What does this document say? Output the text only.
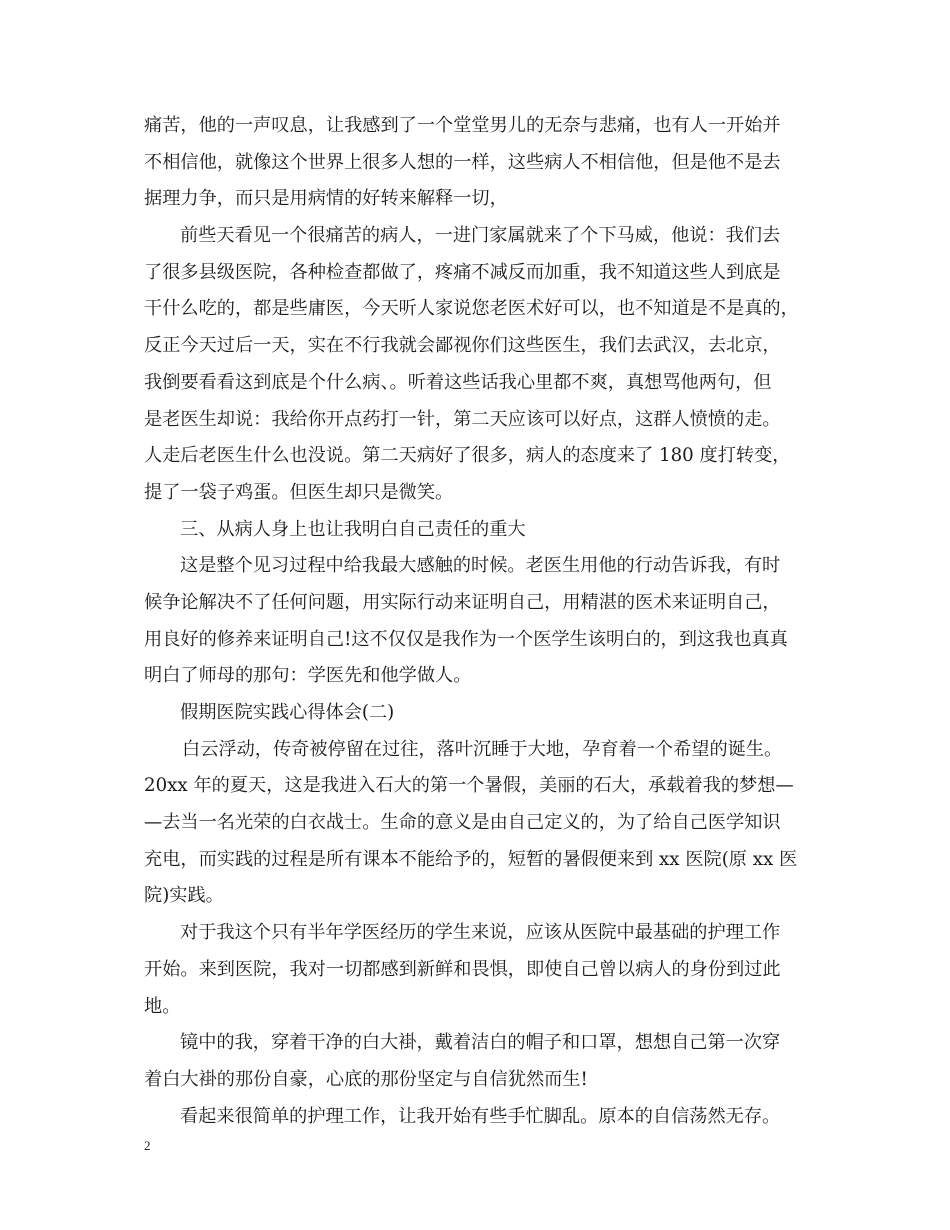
痛苦，他的一声叹息，让我感到了一个堂堂男儿的无奈与悲痛，也有人一开始并
不相信他，就像这个世界上很多人想的一样，这些病人不相信他，但是他不是去
据理力争，而只是用病情的好转来解释一切，
前些天看见一个很痛苦的病人，一进门家属就来了个下马威，他说：我们去
了很多县级医院，各种检查都做了，疼痛不减反而加重，我不知道这些人到底是
干什么吃的，都是些庸医，今天听人家说您老医术好可以，也不知道是不是真的，
反正今天过后一天，实在不行我就会鄙视你们这些医生，我们去武汉，去北京，
我倒要看看这到底是个什么病、。听着这些话我心里都不爽，真想骂他两句，但
是老医生却说：我给你开点药打一针，第二天应该可以好点，这群人愤愤的走。
人走后老医生什么也没说。第二天病好了很多，病人的态度来了 180 度打转变，
提了一袋子鸡蛋。但医生却只是微笑。
三、从病人身上也让我明白自己责任的重大
这是整个见习过程中给我最大感触的时候。老医生用他的行动告诉我，有时
候争论解决不了任何问题，用实际行动来证明自己，用精湛的医术来证明自己，
用良好的修养来证明自己!这不仅仅是我作为一个医学生该明白的，到这我也真真
明白了师母的那句：学医先和他学做人。
假期医院实践心得体会(二)
白云浮动，传奇被停留在过往，落叶沉睡于大地，孕育着一个希望的诞生。
20xx 年的夏天，这是我进入石大的第一个暑假，美丽的石大，承载着我的梦想—
—去当一名光荣的白衣战士。生命的意义是由自己定义的，为了给自己医学知识
充电，而实践的过程是所有课本不能给予的，短暂的暑假便来到 xx 医院(原 xx 医
院)实践。
对于我这个只有半年学医经历的学生来说，应该从医院中最基础的护理工作
开始。来到医院，我对一切都感到新鲜和畏惧，即使自己曾以病人的身份到过此
地。
镜中的我，穿着干净的白大褂，戴着洁白的帽子和口罩，想想自己第一次穿
着白大褂的那份自豪，心底的那份坚定与自信犹然而生!
看起来很简单的护理工作，让我开始有些手忙脚乱。原本的自信荡然无存。
2
